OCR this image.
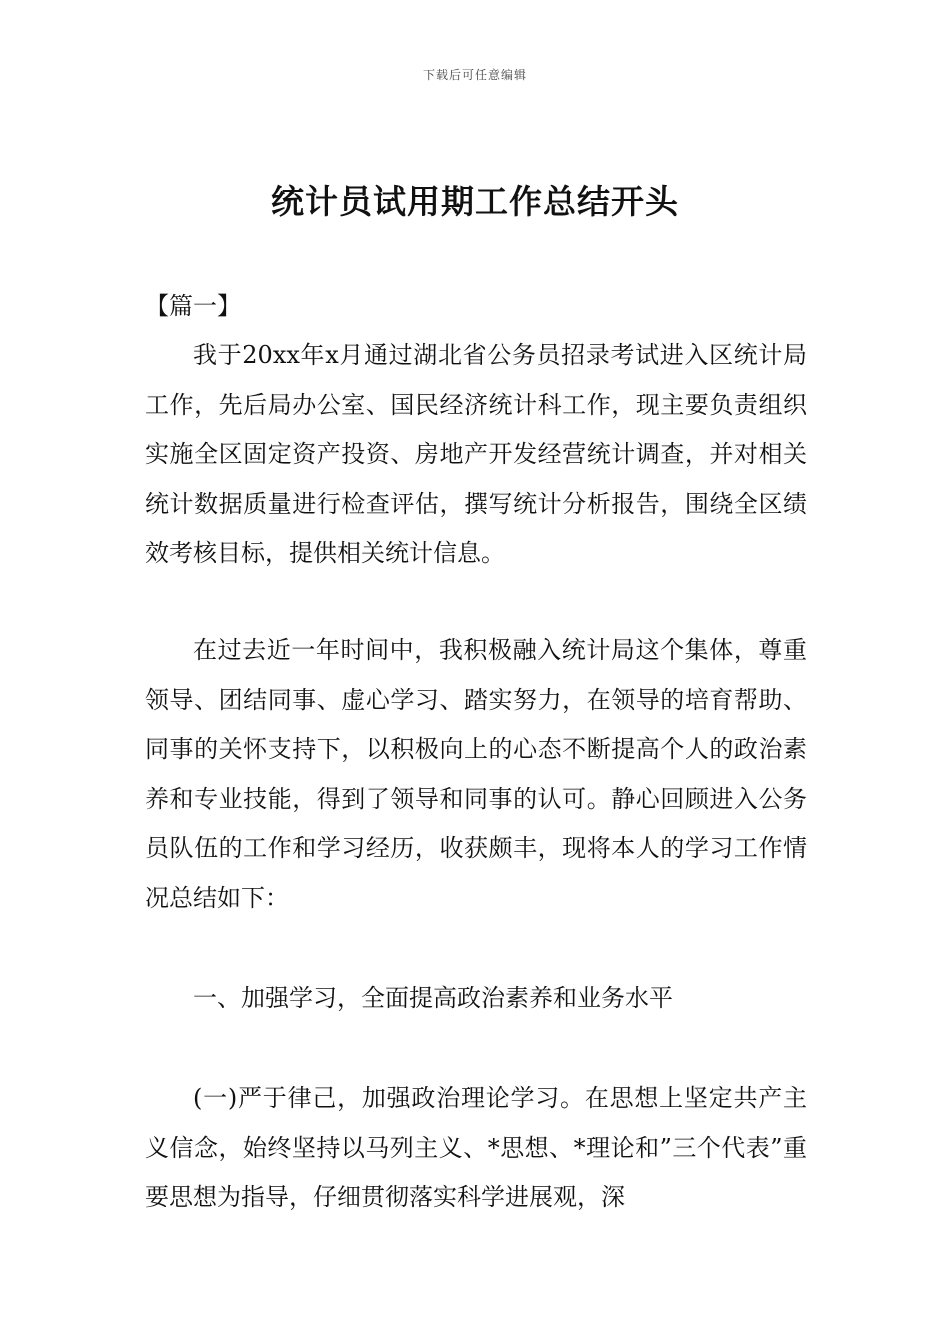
下载后可任意编辑
统计员试用期工作总结开头

【篇一】

我于20xx年x月通过湖北省公务员招录考试进入区统计局工作，先后局办公室、国民经济统计科工作，现主要负责组织实施全区固定资产投资、房地产开发经营统计调查，并对相关统计数据质量进行检查评估，撰写统计分析报告，围绕全区绩效考核目标，提供相关统计信息。

在过去近一年时间中，我积极融入统计局这个集体，尊重领导、团结同事、虚心学习、踏实努力，在领导的培育帮助、同事的关怀支持下，以积极向上的心态不断提高个人的政治素养和专业技能，得到了领导和同事的认可。静心回顾进入公务员队伍的工作和学习经历，收获颇丰，现将本人的学习工作情况总结如下：

一、加强学习，全面提高政治素养和业务水平

(一)严于律己，加强政治理论学习。在思想上坚定共产主义信念，始终坚持以马列主义、*思想、*理论和”三个代表”重要思想为指导，仔细贯彻落实科学进展观，深
